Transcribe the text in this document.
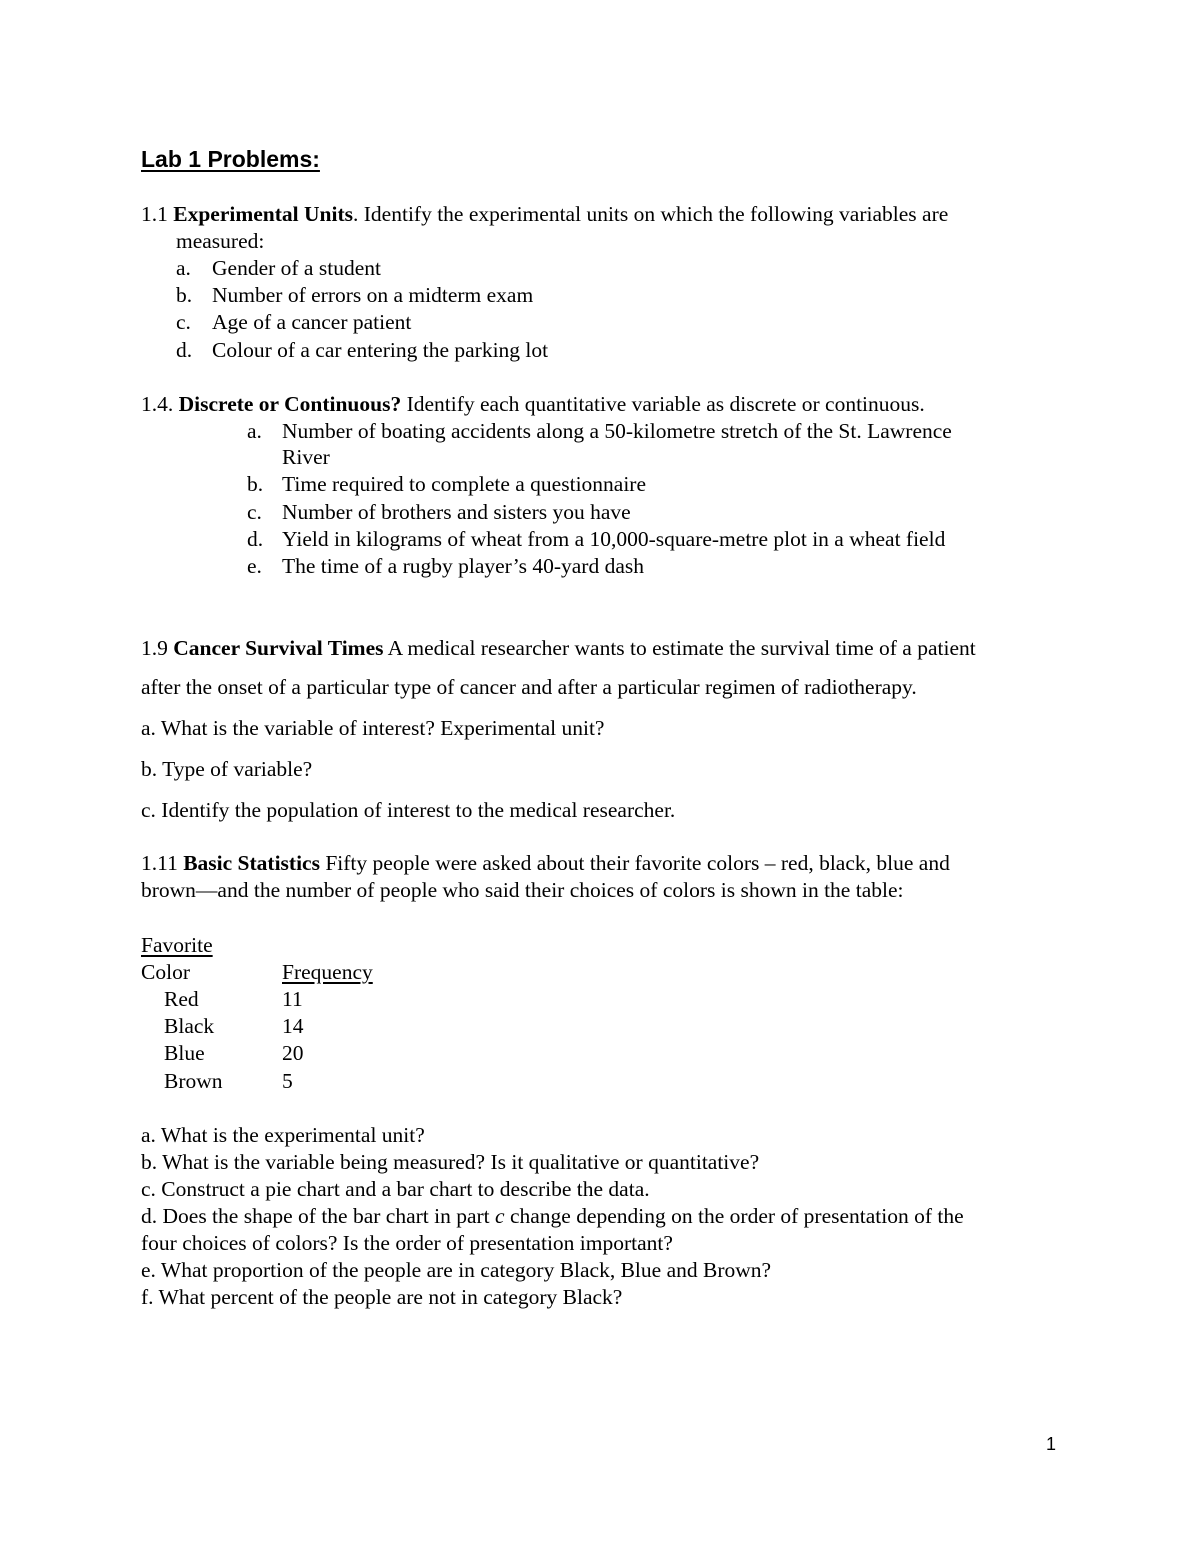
Lab 1 Problems:
1.1 Experimental Units. Identify the experimental units on which the following variables are
measured:
a. Gender of a student
b. Number of errors on a midterm exam
c. Age of a cancer patient
d. Colour of a car entering the parking lot
1.4. Discrete or Continuous? Identify each quantitative variable as discrete or continuous.
a. Number of boating accidents along a 50-kilometre stretch of the St. Lawrence
River
b. Time required to complete a questionnaire
c. Number of brothers and sisters you have
d. Yield in kilograms of wheat from a 10,000-square-metre plot in a wheat field
e. The time of a rugby player’s 40-yard dash
1.9 Cancer Survival Times A medical researcher wants to estimate the survival time of a patient
after the onset of a particular type of cancer and after a particular regimen of radiotherapy.
a. What is the variable of interest? Experimental unit?
b. Type of variable?
c. Identify the population of interest to the medical researcher.
1.11 Basic Statistics Fifty people were asked about their favorite colors – red, black, blue and
brown—and the number of people who said their choices of colors is shown in the table:
Favorite
Color	Frequency
Red	11
Black	14
Blue	20
Brown	5
a. What is the experimental unit?
b. What is the variable being measured? Is it qualitative or quantitative?
c. Construct a pie chart and a bar chart to describe the data.
d. Does the shape of the bar chart in part c change depending on the order of presentation of the
four choices of colors? Is the order of presentation important?
e. What proportion of the people are in category Black, Blue and Brown?
f. What percent of the people are not in category Black?
1
